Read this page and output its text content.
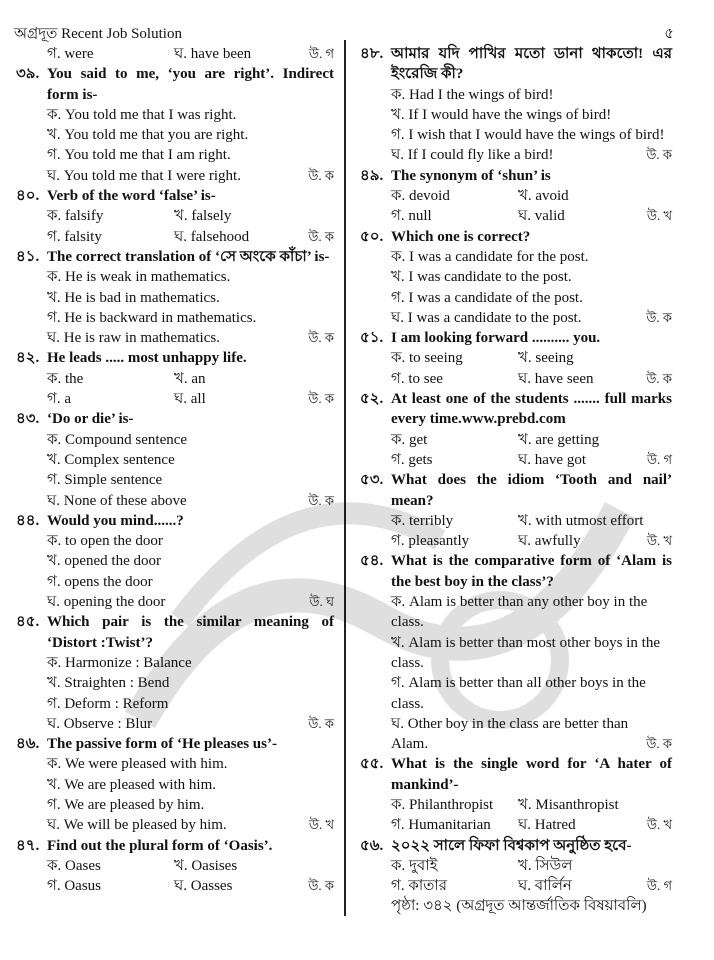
অগ্রদূত Recent Job Solution	৫
গ. were	ঘ. have been	উ. গ
৩৯. You said to me, ‘you are right’. Indirect form is-
ক. You told me that I was right.
খ. You told me that you are right.
গ. You told me that I am right.
ঘ. You told me that I were right.	উ. ক
৪০. Verb of the word ‘false’ is-
ক. falsify	খ. falsely
গ. falsity	ঘ. falsehood	উ. ক
৪১. The correct translation of ‘সে অংকে কাঁচা’ is-
ক. He is weak in mathematics.
খ. He is bad in mathematics.
গ. He is backward in mathematics.
ঘ. He is raw in mathematics.	উ. ক
৪২. He leads ..... most unhappy life.
ক. the	খ. an
গ. a	ঘ. all	উ. ক
৪৩. ‘Do or die’ is-
ক. Compound sentence
খ. Complex sentence
গ. Simple sentence
ঘ. None of these above	উ. ক
৪৪. Would you mind......?
ক. to open the door
খ. opened the door
গ. opens the door
ঘ. opening the door	উ. ঘ
৪৫. Which pair is the similar meaning of ‘Distort :Twist’?
ক. Harmonize : Balance
খ. Straighten : Bend
গ. Deform : Reform
ঘ. Observe : Blur	উ. ক
৪৬. The passive form of ‘He pleases us’-
ক. We were pleased with him.
খ. We are pleased with him.
গ. We are pleased by him.
ঘ. We will be pleased by him.	উ. খ
৪৭. Find out the plural form of ‘Oasis’.
ক. Oases	খ. Oasises
গ. Oasus	ঘ. Oasses	উ. ক
৪৮. আমার যদি পাখির মতো ডানা থাকতো! এর ইংরেজি কী?
ক. Had I the wings of bird!
খ. If I would have the wings of bird!
গ. I wish that I would have the wings of bird!
ঘ. If I could fly like a bird!	উ. ক
৪৯. The synonym of ‘shun’ is
ক. devoid	খ. avoid
গ. null	ঘ. valid	উ. খ
৫০. Which one is correct?
ক. I was a candidate for the post.
খ. I was candidate to the post.
গ. I was a candidate of the post.
ঘ. I was a candidate to the post.	উ. ক
৫১. I am looking forward .......... you.
ক. to seeing	খ. seeing
গ. to see	ঘ. have seen	উ. ক
৫২. At least one of the students ....... full marks every time.www.prebd.com
ক. get	খ. are getting
গ. gets	ঘ. have got	উ. গ
৫৩. What does the idiom ‘Tooth and nail’ mean?
ক. terribly	খ. with utmost effort
গ. pleasantly	ঘ. awfully	উ. খ
৫৪. What is the comparative form of ‘Alam is the best boy in the class’?
ক. Alam is better than any other boy in the class.
খ. Alam is better than most other boys in the class.
গ. Alam is better than all other boys in the class.
ঘ. Other boy in the class are better than Alam.	উ. ক
৫৫. What is the single word for ‘A hater of mankind’-
ক. Philanthropist	খ. Misanthropist
গ. Humanitarian	ঘ. Hatred	উ. খ
৫৬. ২০২২ সালে ফিফা বিশ্বকাপ অনুষ্ঠিত হবে-
ক. দুবাই	খ. সিউল
গ. কাতার	ঘ. বার্লিন	উ. গ
পৃষ্ঠা: ৩৪২ (অগ্রদূত আন্তর্জাতিক বিষয়াবলি)
